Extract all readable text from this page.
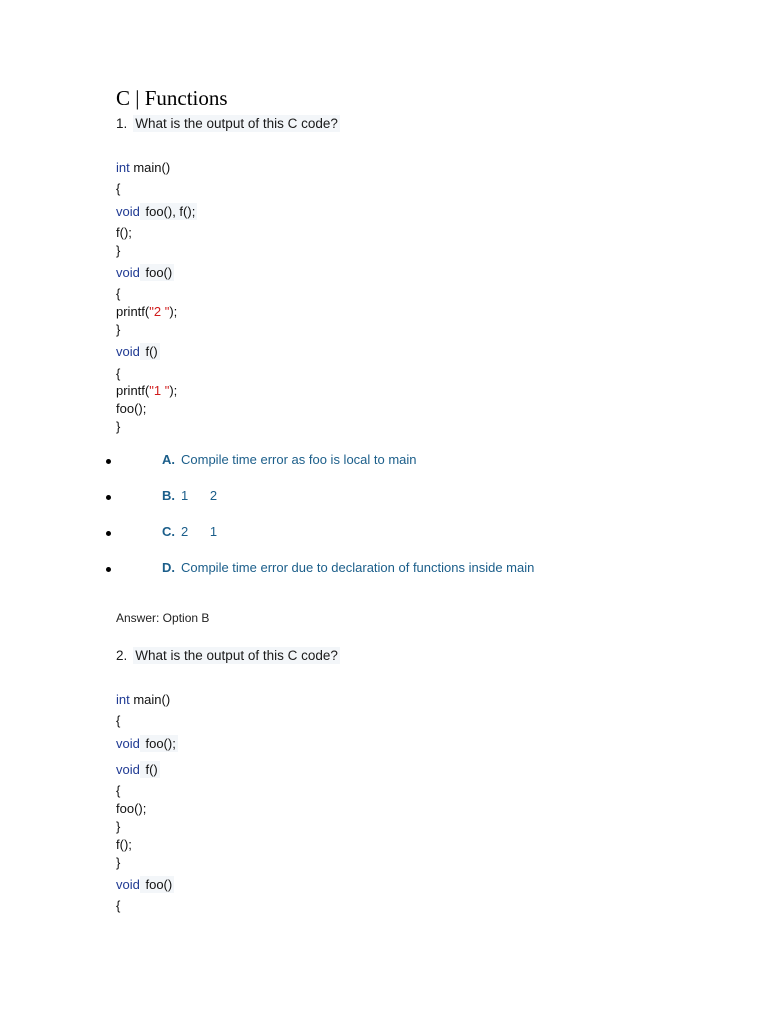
C | Functions
1. What is the output of this C code?
int main()
{
void foo(), f();
f();
}
void foo()
{
printf("2 ");
}
void f()
{
printf("1 ");
foo();
}
A. Compile time error as foo is local to main
B. 1      2
C. 2      1
D. Compile time error due to declaration of functions inside main
Answer: Option B
2. What is the output of this C code?
int main()
{
void foo();
void f()
{
foo();
}
f();
}
void foo()
{
